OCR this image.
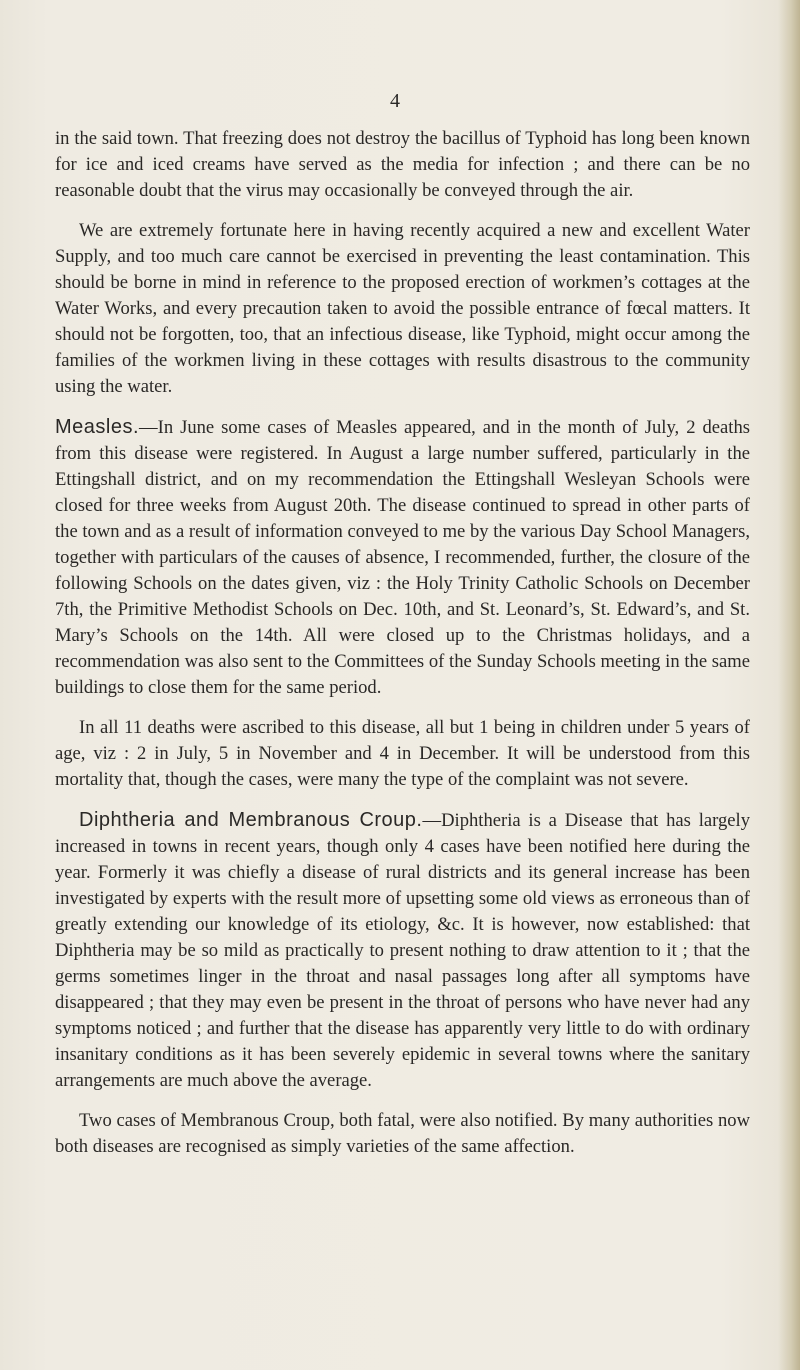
4

in the said town. That freezing does not destroy the bacillus of Typhoid has long been known for ice and iced creams have served as the media for infection ; and there can be no reasonable doubt that the virus may occasionally be conveyed through the air.

We are extremely fortunate here in having recently acquired a new and excellent Water Supply, and too much care cannot be exercised in preventing the least contamination. This should be borne in mind in reference to the proposed erection of workmen’s cottages at the Water Works, and every precaution taken to avoid the possible entrance of fœcal matters. It should not be forgotten, too, that an infectious disease, like Typhoid, might occur among the families of the workmen living in these cottages with results disastrous to the community using the water.

Measles.—In June some cases of Measles appeared, and in the month of July, 2 deaths from this disease were registered. In August a large number suffered, particularly in the Ettingshall district, and on my recommendation the Ettingshall Wesleyan Schools were closed for three weeks from August 20th. The disease continued to spread in other parts of the town and as a result of information conveyed to me by the various Day School Managers, together with particulars of the causes of absence, I recommended, further, the closure of the following Schools on the dates given, viz : the Holy Trinity Catholic Schools on December 7th, the Primitive Methodist Schools on Dec. 10th, and St. Leonard’s, St. Edward’s, and St. Mary’s Schools on the 14th. All were closed up to the Christmas holidays, and a recommendation was also sent to the Committees of the Sunday Schools meeting in the same buildings to close them for the same period.

In all 11 deaths were ascribed to this disease, all but 1 being in children under 5 years of age, viz : 2 in July, 5 in November and 4 in December. It will be understood from this mortality that, though the cases, were many the type of the complaint was not severe.

Diphtheria and Membranous Croup.—Diphtheria is a Disease that has largely increased in towns in recent years, though only 4 cases have been notified here during the year. Formerly it was chiefly a disease of rural districts and its general increase has been investigated by experts with the result more of upsetting some old views as erroneous than of greatly extending our knowledge of its etiology, &c. It is however, now established: that Diphtheria may be so mild as practically to present nothing to draw attention to it ; that the germs sometimes linger in the throat and nasal passages long after all symptoms have disappeared ; that they may even be present in the throat of persons who have never had any symptoms noticed ; and further that the disease has apparently very little to do with ordinary insanitary conditions as it has been severely epidemic in several towns where the sanitary arrangements are much above the average.

Two cases of Membranous Croup, both fatal, were also notified. By many authorities now both diseases are recognised as simply varieties of the same affection.
